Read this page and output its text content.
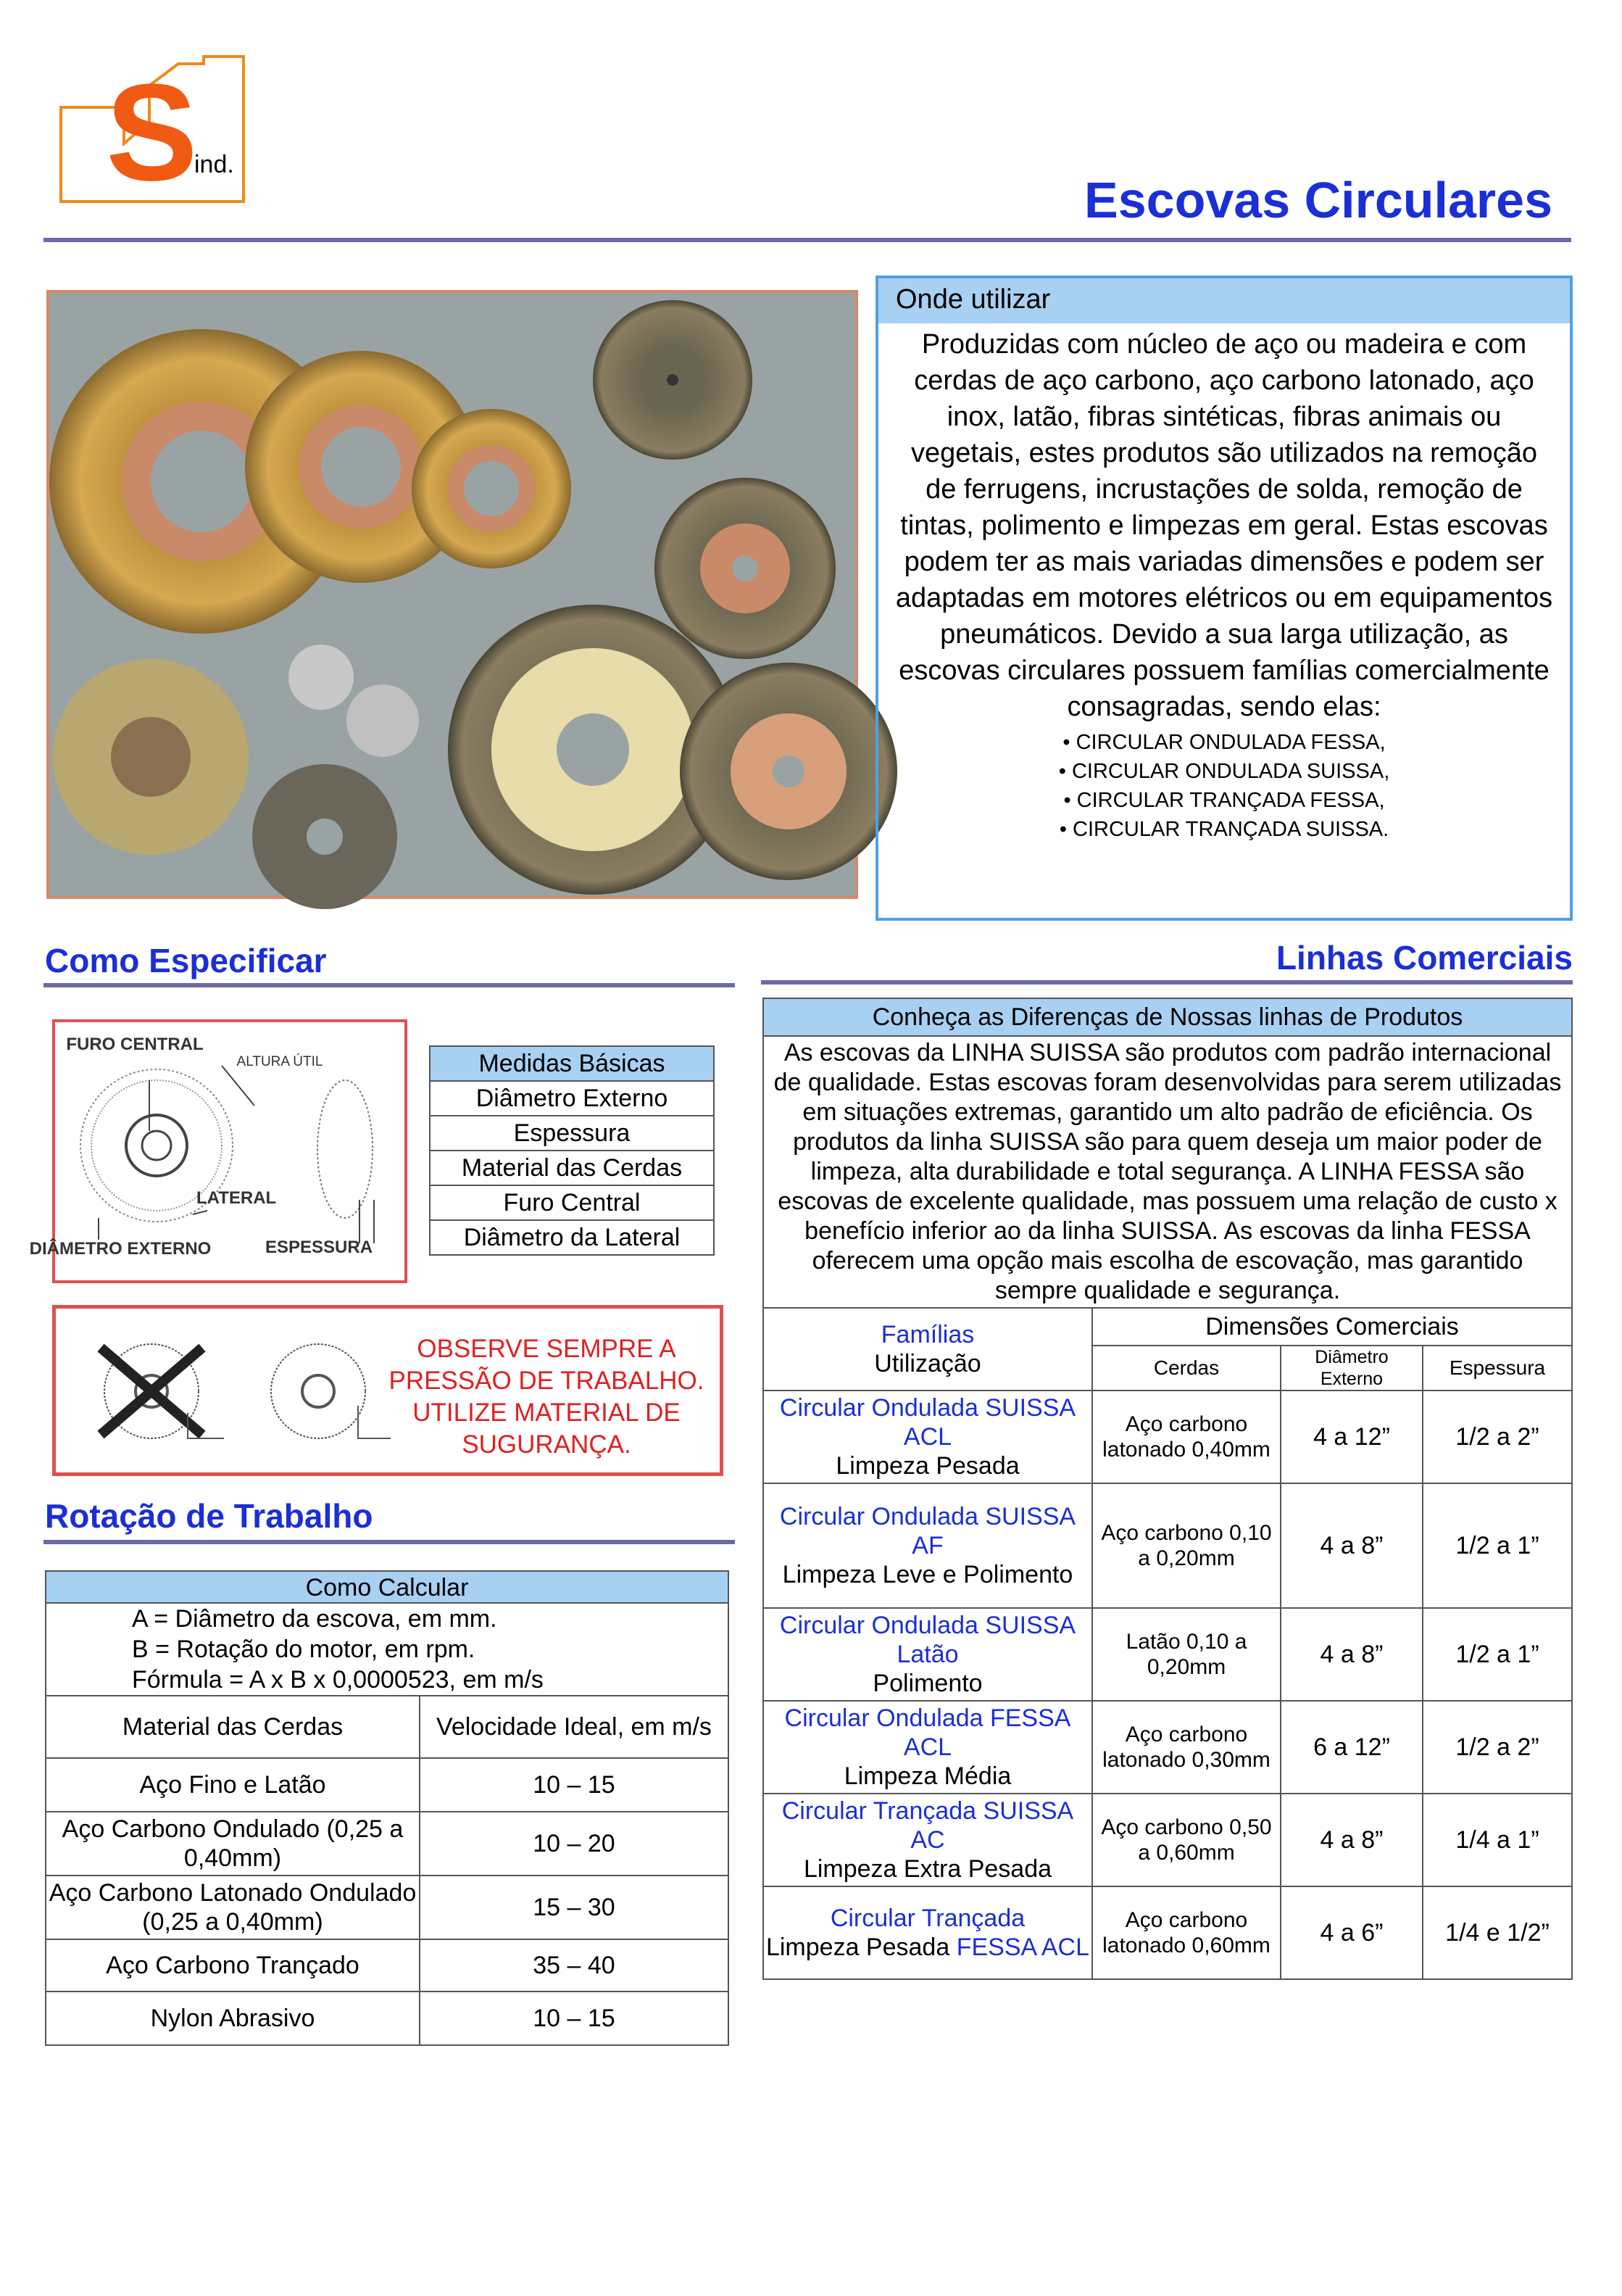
S
ind.
Escovas Circulares
Onde utilizar
Produzidas com núcleo de aço ou madeira e com cerdas de aço carbono, aço carbono latonado, aço inox, latão, fibras sintéticas, fibras animais ou vegetais, estes produtos são utilizados na remoção de ferrugens, incrustações de solda, remoção de tintas, polimento e limpezas em geral. Estas escovas podem ter as mais variadas dimensões e podem ser adaptadas em motores elétricos ou em equipamentos pneumáticos. Devido a sua larga utilização, as escovas circulares possuem famílias comercialmente consagradas, sendo elas:
• CIRCULAR ONDULADA FESSA,
• CIRCULAR ONDULADA SUISSA,
• CIRCULAR TRANÇADA FESSA,
• CIRCULAR TRANÇADA SUISSA.
Como Especificar
FURO CENTRAL
ALTURA ÚTIL
LATERAL
DIÂMETRO EXTERNO	ESPESSURA
Medidas Básicas
Diâmetro Externo
Espessura
Material das Cerdas
Furo Central
Diâmetro da Lateral
OBSERVE SEMPRE A PRESSÃO DE TRABALHO. UTILIZE MATERIAL DE SUGURANÇA.
Rotação de Trabalho
Como Calcular
A = Diâmetro da escova, em mm.
B = Rotação do motor, em rpm.
Fórmula = A x B x 0,0000523, em m/s
Material das Cerdas	Velocidade Ideal, em m/s
Aço Fino e Latão	10 – 15
Aço Carbono Ondulado (0,25 a 0,40mm)	10 – 20
Aço Carbono Latonado Ondulado (0,25 a 0,40mm)	15 – 30
Aço Carbono Trançado	35 – 40
Nylon Abrasivo	10 – 15
Linhas Comerciais
Conheça as Diferenças de Nossas linhas de Produtos			
As escovas da LINHA SUISSA são produtos com padrão internacional de qualidade. Estas escovas foram desenvolvidas para serem utilizadas em situações extremas, garantido um alto padrão de eficiência. Os produtos da linha SUISSA são para quem deseja um maior poder de limpeza, alta durabilidade e total segurança. A LINHA FESSA são escovas de excelente qualidade, mas possuem uma relação de custo x benefício inferior ao da linha SUISSA. As escovas da linha FESSA oferecem uma opção mais escolha de escovação, mas garantido sempre qualidade e segurança.			

Famílias
Utilização	Dimensões Comerciais		
	Cerdas	Diâmetro Externo	Espessura

Circular Ondulada SUISSA ACL
Limpeza Pesada	Aço carbono latonado 0,40mm	4 a 12”	1/2 a 2”

Circular Ondulada SUISSA AF
Limpeza Leve e Polimento	Aço carbono 0,10 a 0,20mm	4 a 8”	1/2 a 1”

Circular Ondulada SUISSA Latão
Polimento	Latão 0,10 a 0,20mm	4 a 8”	1/2 a 1”

Circular Ondulada FESSA ACL
Limpeza Média	Aço carbono latonado 0,30mm	6 a 12”	1/2 a 2”

Circular Trançada SUISSA AC
Limpeza Extra Pesada	Aço carbono 0,50 a 0,60mm	4 a 8”	1/4 a 1”

Circular Trançada
Limpeza Pesada FESSA ACL	Aço carbono latonado 0,60mm	4 a 6”	1/4 e 1/2”
